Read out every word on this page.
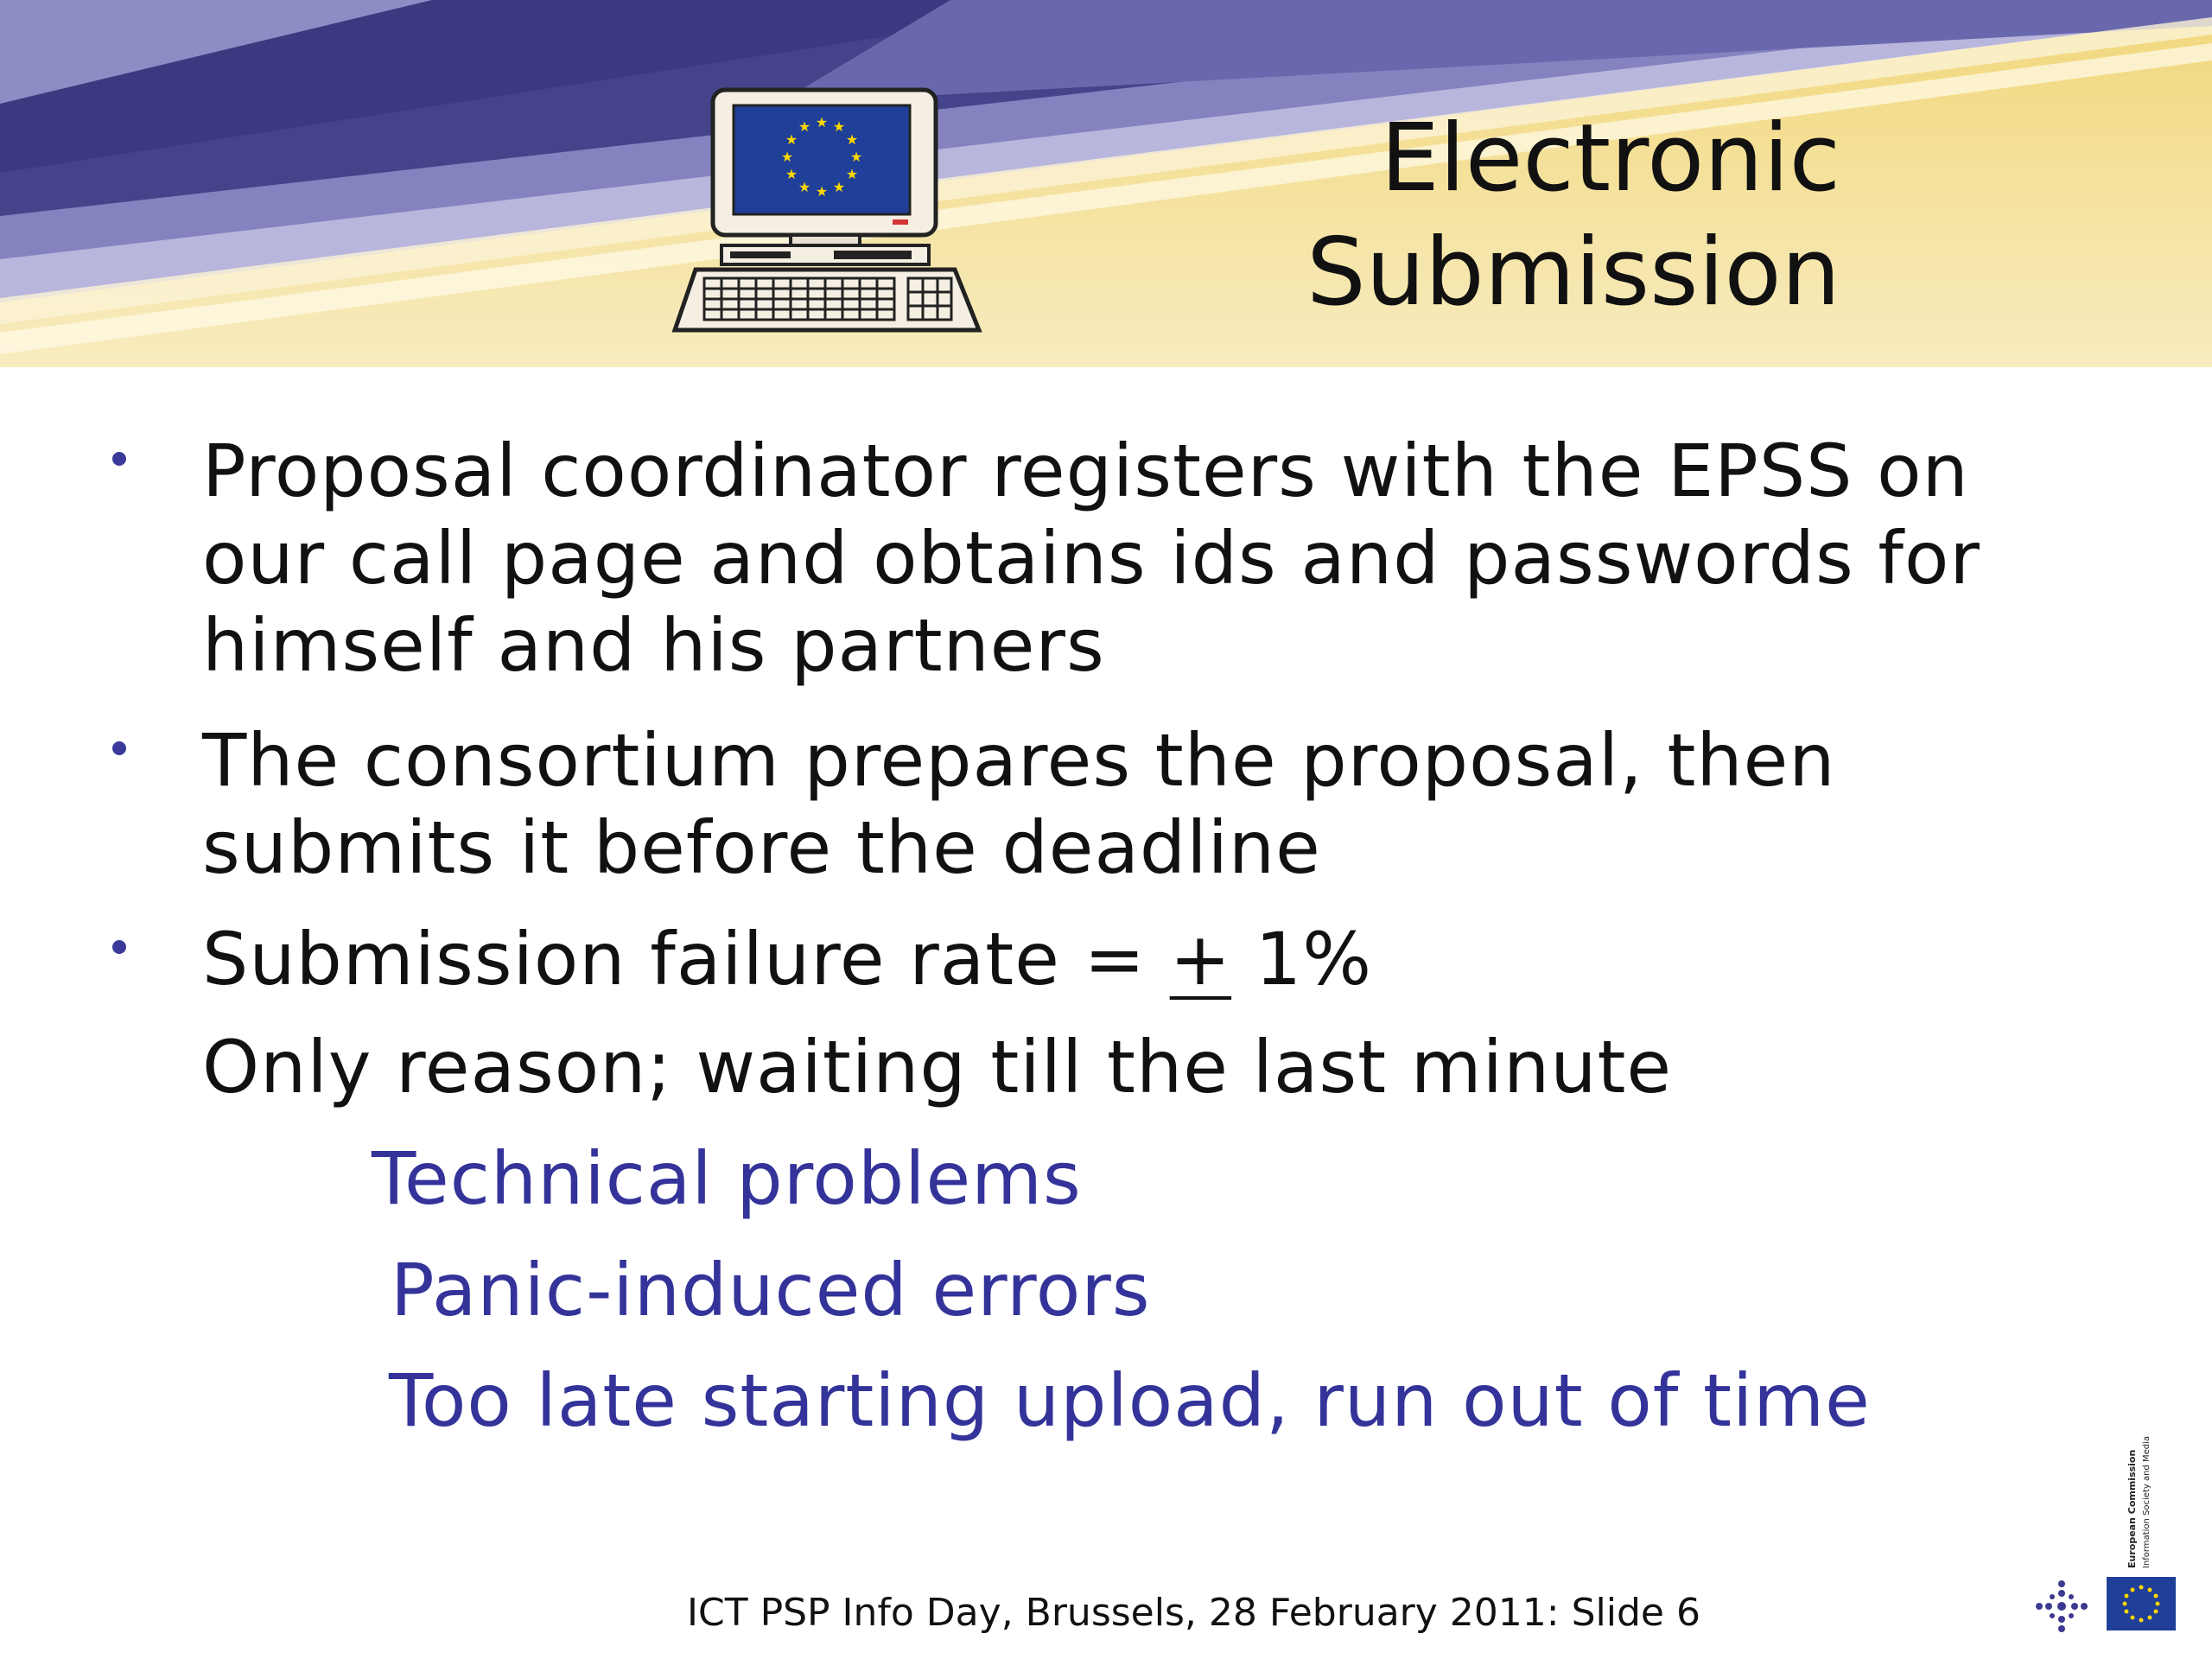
Electronic
Submission
★ ★
★
★
★
★
★
★
★
★
★
★
Proposal coordinator registers with the EPSS on our call page and obtains ids and passwords for himself and his partners
The consortium prepares the proposal, then submits it before the deadline
Submission failure rate = + 1%
Only reason; waiting till the last minute
Technical problems
Panic-induced errors
Too late starting upload, run out of time
ICT PSP Info Day, Brussels, 28 February 2011: Slide 6
European Commission Information Society and Media
